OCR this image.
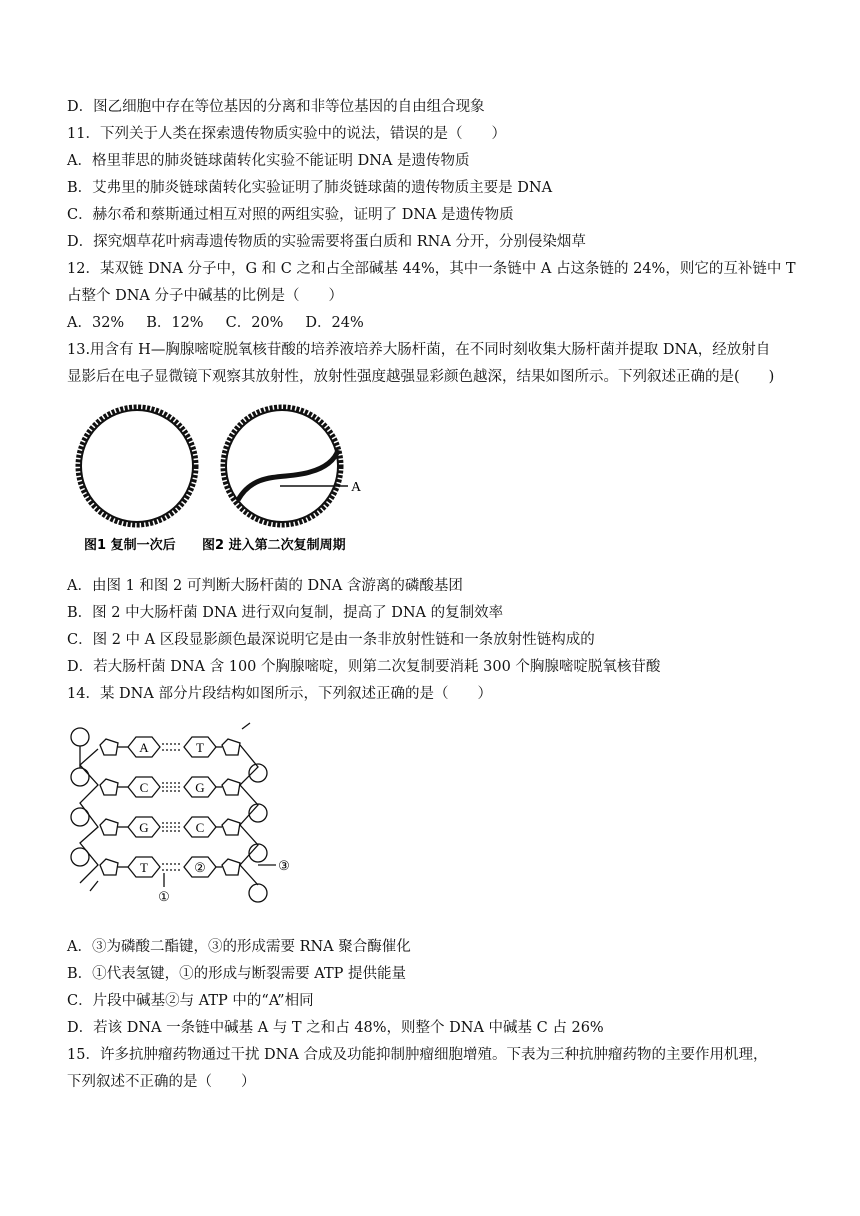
D．图乙细胞中存在等位基因的分离和非等位基因的自由组合现象
11．下列关于人类在探索遗传物质实验中的说法，错误的是（　　）
A．格里菲思的肺炎链球菌转化实验不能证明 DNA 是遗传物质
B．艾弗里的肺炎链球菌转化实验证明了肺炎链球菌的遗传物质主要是 DNA
C．赫尔希和蔡斯通过相互对照的两组实验，证明了 DNA 是遗传物质
D．探究烟草花叶病毒遗传物质的实验需要将蛋白质和 RNA 分开，分别侵染烟草
12．某双链 DNA 分子中，G 和 C 之和占全部碱基 44%，其中一条链中 A 占这条链的 24%，则它的互补链中 T
占整个 DNA 分子中碱基的比例是（　　）
A．32% B．12% C．20% D．24%
13.用含有 H—胸腺嘧啶脱氧核苷酸的培养液培养大肠杆菌，在不同时刻收集大肠杆菌并提取 DNA，经放射自
显影后在电子显微镜下观察其放射性，放射性强度越强显彩颜色越深，结果如图所示。下列叙述正确的是(　　)
A
图1 复制一次后 图2 进入第二次复制周期
A．由图 1 和图 2 可判断大肠杆菌的 DNA 含游离的磷酸基团
B．图 2 中大肠杆菌 DNA 进行双向复制，提高了 DNA 的复制效率
C．图 2 中 A 区段显影颜色最深说明它是由一条非放射性链和一条放射性链构成的
D．若大肠杆菌 DNA 含 100 个胸腺嘧啶，则第二次复制要消耗 300 个胸腺嘧啶脱氧核苷酸
14．某 DNA 部分片段结构如图所示，下列叙述正确的是（　　）
A	T
C	G
G	C
T	②
①
③
A．③为磷酸二酯键，③的形成需要 RNA 聚合酶催化
B．①代表氢键，①的形成与断裂需要 ATP 提供能量
C．片段中碱基②与 ATP 中的“A”相同
D．若该 DNA 一条链中碱基 A 与 T 之和占 48%，则整个 DNA 中碱基 C 占 26%
15．许多抗肿瘤药物通过干扰 DNA 合成及功能抑制肿瘤细胞增殖。下表为三种抗肿瘤药物的主要作用机理，
下列叙述不正确的是（　　）
